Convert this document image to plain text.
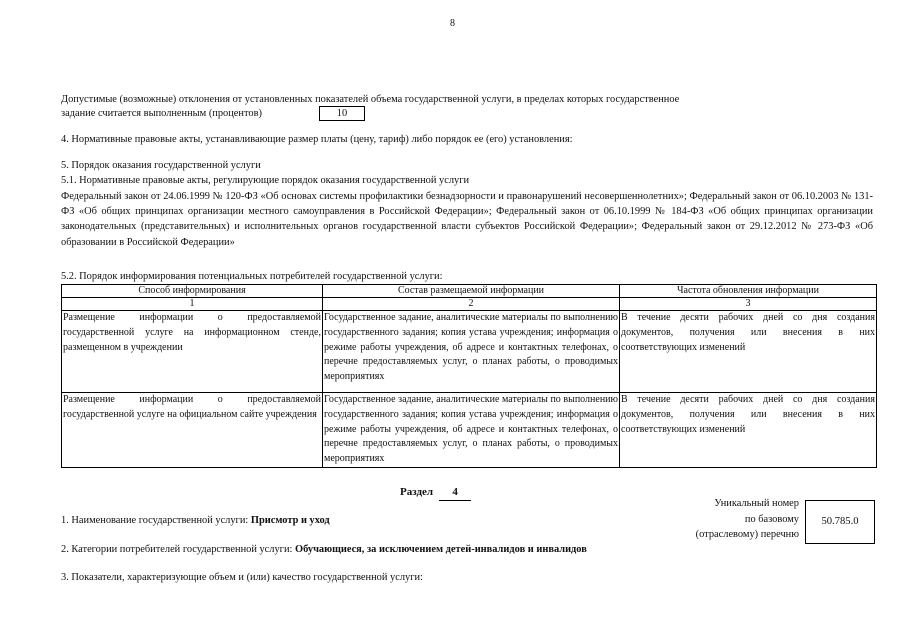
8
Допустимые (возможные) отклонения от установленных показателей объема государственной услуги, в пределах которых государственное
задание считается выполненным (процентов)	10
4. Нормативные правовые акты, устанавливающие размер платы (цену, тариф) либо порядок ее (его) установления:
5. Порядок оказания государственной услуги
5.1. Нормативные правовые акты, регулирующие порядок оказания государственной услуги
Федеральный закон от 24.06.1999 № 120-ФЗ «Об основах системы профилактики безнадзорности и правонарушений несовершеннолетних»; Федеральный закон от 06.10.2003 № 131-ФЗ «Об общих принципах организации местного самоуправления в Российской Федерации»; Федеральный закон от 06.10.1999 № 184-ФЗ «Об общих принципах организации законодательных (представительных) и исполнительных органов государственной власти субъектов Российской Федерации»; Федеральный закон от 29.12.2012 № 273-ФЗ «Об образовании в Российской Федерации»
5.2. Порядок информирования потенциальных потребителей государственной услуги:
Способ информирования	Состав размещаемой информации	Частота обновления информации
1	2	3
Размещение информации о предоставляемой государственной услуге на информационном стенде, размещенном в учреждении	Государственное задание, аналитические материалы по выполнению государственного задания; копия устава учреждения; информация о режиме работы учреждения, об адресе и контактных телефонах, о перечне предоставляемых услуг, о планах работы, о проводимых мероприятиях	В течение десяти рабочих дней со дня создания документов, получения или внесения в них соответствующих изменений
Размещение информации о предоставляемой государственной услуге на официальном сайте учреждения	Государственное задание, аналитические материалы по выполнению государственного задания; копия устава учреждения; информация о режиме работы учреждения, об адресе и контактных телефонах, о перечне предоставляемых услуг, о планах работы, о проводимых мероприятиях	В течение десяти рабочих дней со дня создания документов, получения или внесения в них соответствующих изменений
Раздел 4
Уникальный номер
по базовому
(отраслевому) перечню
50.785.0
1. Наименование государственной услуги: Присмотр и уход
2. Категории потребителей государственной услуги: Обучающиеся, за исключением детей-инвалидов и инвалидов
3. Показатели, характеризующие объем и (или) качество государственной услуги:
